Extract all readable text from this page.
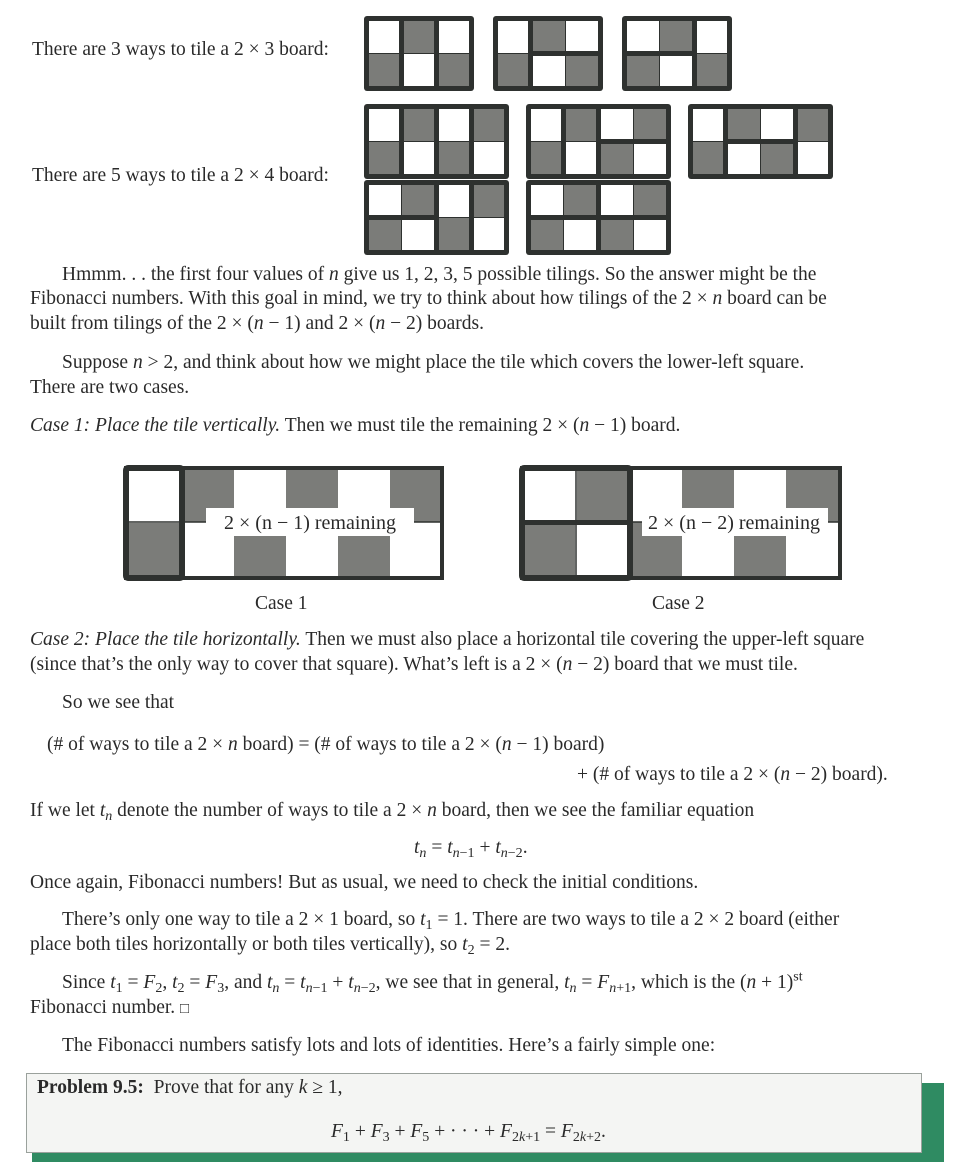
There are 3 ways to tile a 2 × 3 board:
There are 5 ways to tile a 2 × 4 board:
Hmmm. . . the first four values of n give us 1, 2, 3, 5 possible tilings. So the answer might be the
Fibonacci numbers. With this goal in mind, we try to think about how tilings of the 2 × n board can be
built from tilings of the 2 × (n − 1) and 2 × (n − 2) boards.
Suppose n > 2, and think about how we might place the tile which covers the lower-left square.
There are two cases.
Case 1: Place the tile vertically. Then we must tile the remaining 2 × (n − 1) board.
2 × (n − 1) remaining
Case 1
2 × (n − 2) remaining
Case 2
Case 2: Place the tile horizontally. Then we must also place a horizontal tile covering the upper-left square
(since that’s the only way to cover that square). What’s left is a 2 × (n − 2) board that we must tile.
So we see that
(# of ways to tile a 2 × n board) = (# of ways to tile a 2 × (n − 1) board)
+ (# of ways to tile a 2 × (n − 2) board).
If we let $t_n$ denote the number of ways to tile a 2 × n board, then we see the familiar equation
$t_n = t_{n-1} + t_{n-2}$.
Once again, Fibonacci numbers! But as usual, we need to check the initial conditions.
There’s only one way to tile a 2 × 1 board, so $t_1 = 1$. There are two ways to tile a 2 × 2 board (either
place both tiles horizontally or both tiles vertically), so $t_2 = 2$.
Since $t_1 = F_2$, $t_2 = F_3$, and $t_n = t_{n-1} + t_{n-2}$, we see that in general, $t_n = F_{n+1}$, which is the $(n + 1)^{st}$
Fibonacci number. □
The Fibonacci numbers satisfy lots and lots of identities. Here’s a fairly simple one:
Problem 9.5: Prove that for any k ≥ 1,
$F_1 + F_3 + F_5$ + · · · + $F_{2k+1} = F_{2k+2}$.
